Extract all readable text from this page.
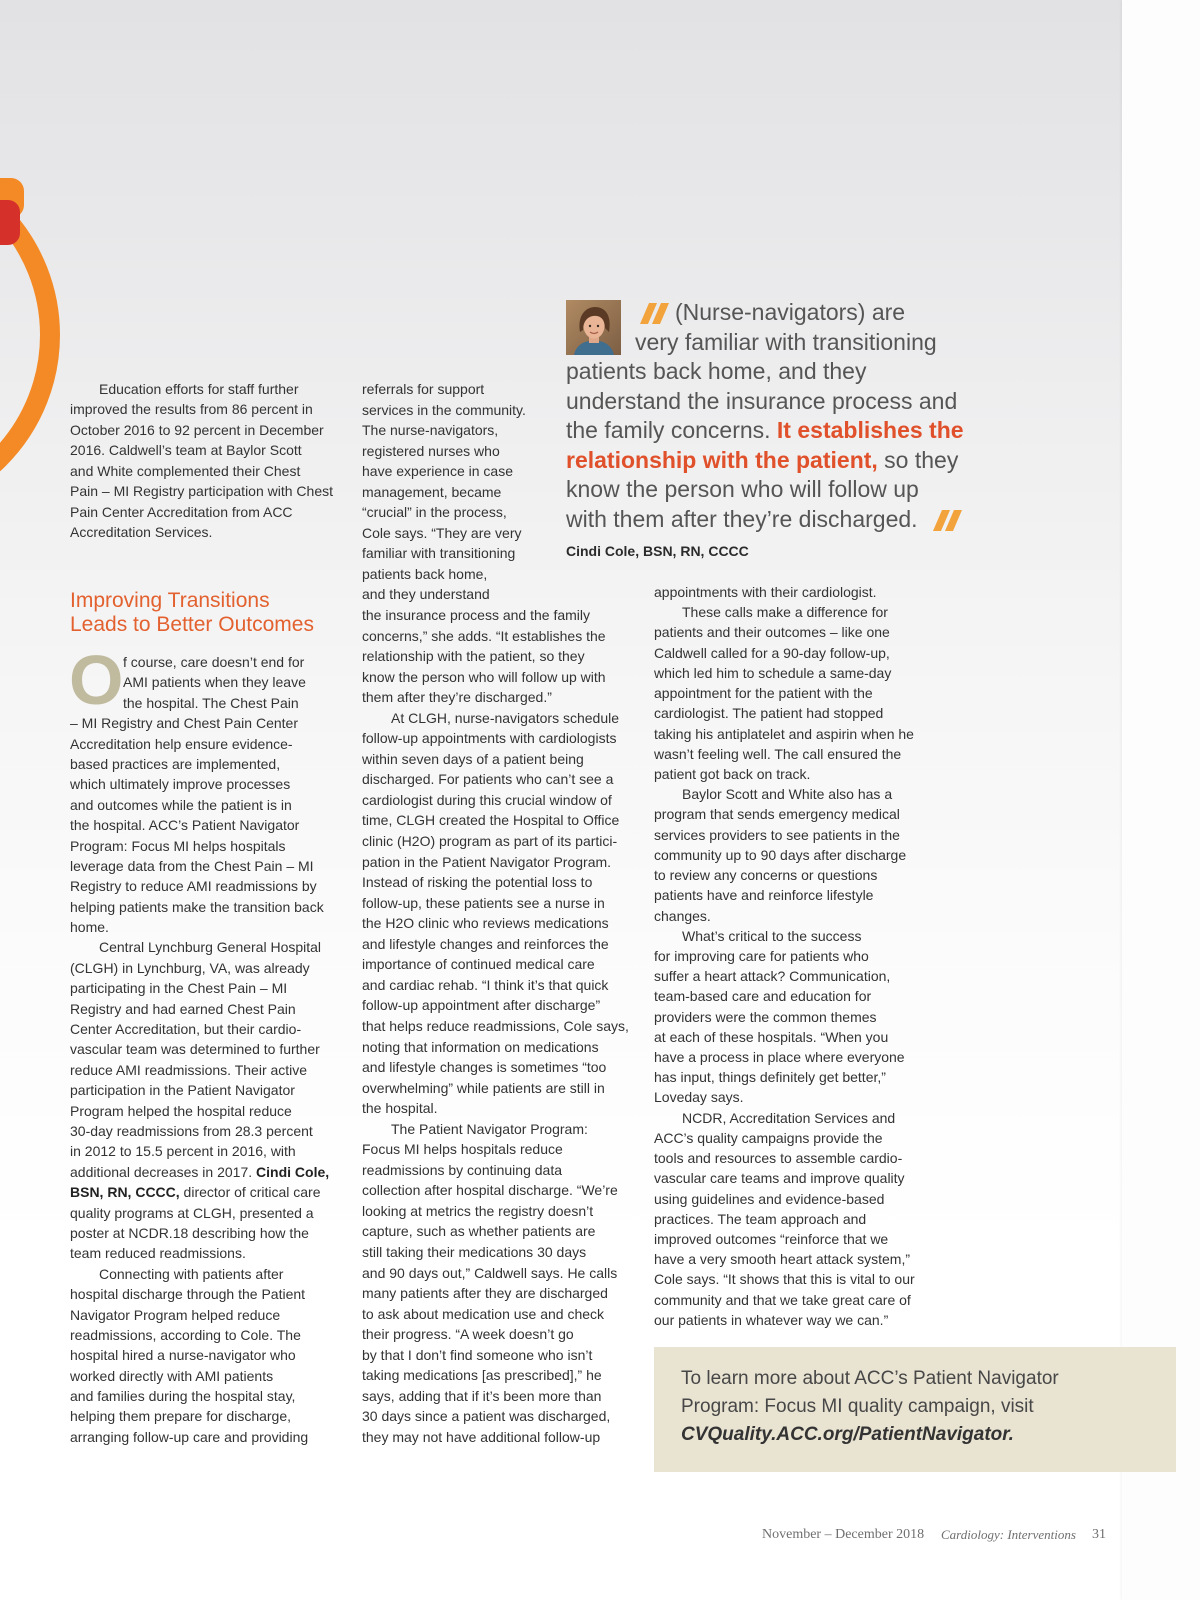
Education efforts for staff further
improved the results from 86 percent in
October 2016 to 92 percent in December
2016. Caldwell’s team at Baylor Scott
and White complemented their Chest
Pain – MI Registry participation with Chest
Pain Center Accreditation from ACC
Accreditation Services.
Improving Transitions
Leads to Better Outcomes
O f course, care doesn’t end for
AMI patients when they leave
the hospital. The Chest Pain
– MI Registry and Chest Pain Center
Accreditation help ensure evidence-
based practices are implemented,
which ultimately improve processes
and outcomes while the patient is in
the hospital. ACC’s Patient Navigator
Program: Focus MI helps hospitals
leverage data from the Chest Pain – MI
Registry to reduce AMI readmissions by
helping patients make the transition back
home.
Central Lynchburg General Hospital
(CLGH) in Lynchburg, VA, was already
participating in the Chest Pain – MI
Registry and had earned Chest Pain
Center Accreditation, but their cardio-
vascular team was determined to further
reduce AMI readmissions. Their active
participation in the Patient Navigator
Program helped the hospital reduce
30-day readmissions from 28.3 percent
in 2012 to 15.5 percent in 2016, with
additional decreases in 2017. Cindi Cole,
BSN, RN, CCCC, director of critical care
quality programs at CLGH, presented a
poster at NCDR.18 describing how the
team reduced readmissions.
Connecting with patients after
hospital discharge through the Patient
Navigator Program helped reduce
readmissions, according to Cole. The
hospital hired a nurse-navigator who
worked directly with AMI patients
and families during the hospital stay,
helping them prepare for discharge,
arranging follow-up care and providing
referrals for support
services in the community.
The nurse-navigators,
registered nurses who
have experience in case
management, became
“crucial” in the process,
Cole says. “They are very
familiar with transitioning
patients back home,
and they understand
the insurance process and the family
concerns,” she adds. “It establishes the
relationship with the patient, so they
know the person who will follow up with
them after they’re discharged.”
At CLGH, nurse-navigators schedule
follow-up appointments with cardiologists
within seven days of a patient being
discharged. For patients who can’t see a
cardiologist during this crucial window of
time, CLGH created the Hospital to Office
clinic (H2O) program as part of its partici-
pation in the Patient Navigator Program.
Instead of risking the potential loss to
follow-up, these patients see a nurse in
the H2O clinic who reviews medications
and lifestyle changes and reinforces the
importance of continued medical care
and cardiac rehab. “I think it’s that quick
follow-up appointment after discharge”
that helps reduce readmissions, Cole says,
noting that information on medications
and lifestyle changes is sometimes “too
overwhelming” while patients are still in
the hospital.
The Patient Navigator Program:
Focus MI helps hospitals reduce
readmissions by continuing data
collection after hospital discharge. “We’re
looking at metrics the registry doesn’t
capture, such as whether patients are
still taking their medications 30 days
and 90 days out,” Caldwell says. He calls
many patients after they are discharged
to ask about medication use and check
their progress. “A week doesn’t go
by that I don’t find someone who isn’t
taking medications [as prescribed],” he
says, adding that if it’s been more than
30 days since a patient was discharged,
they may not have additional follow-up
appointments with their cardiologist.
These calls make a difference for
patients and their outcomes – like one
Caldwell called for a 90-day follow-up,
which led him to schedule a same-day
appointment for the patient with the
cardiologist. The patient had stopped
taking his antiplatelet and aspirin when he
wasn’t feeling well. The call ensured the
patient got back on track.
Baylor Scott and White also has a
program that sends emergency medical
services providers to see patients in the
community up to 90 days after discharge
to review any concerns or questions
patients have and reinforce lifestyle
changes.
What’s critical to the success
for improving care for patients who
suffer a heart attack? Communication,
team-based care and education for
providers were the common themes
at each of these hospitals. “When you
have a process in place where everyone
has input, things definitely get better,”
Loveday says.
NCDR, Accreditation Services and
ACC’s quality campaigns provide the
tools and resources to assemble cardio-
vascular care teams and improve quality
using guidelines and evidence-based
practices. The team approach and
improved outcomes “reinforce that we
have a very smooth heart attack system,”
Cole says. “It shows that this is vital to our
community and that we take great care of
our patients in whatever way we can.”
(Nurse-navigators) are
very familiar with transitioning
patients back home, and they
understand the insurance process and
the family concerns. It establishes the
relationship with the patient, so they
know the person who will follow up
with them after they’re discharged.
Cindi Cole, BSN, RN, CCCC
To learn more about ACC’s Patient Navigator
Program: Focus MI quality campaign, visit
CVQuality.ACC.org/PatientNavigator.
November – December 2018 Cardiology: Interventions 31
